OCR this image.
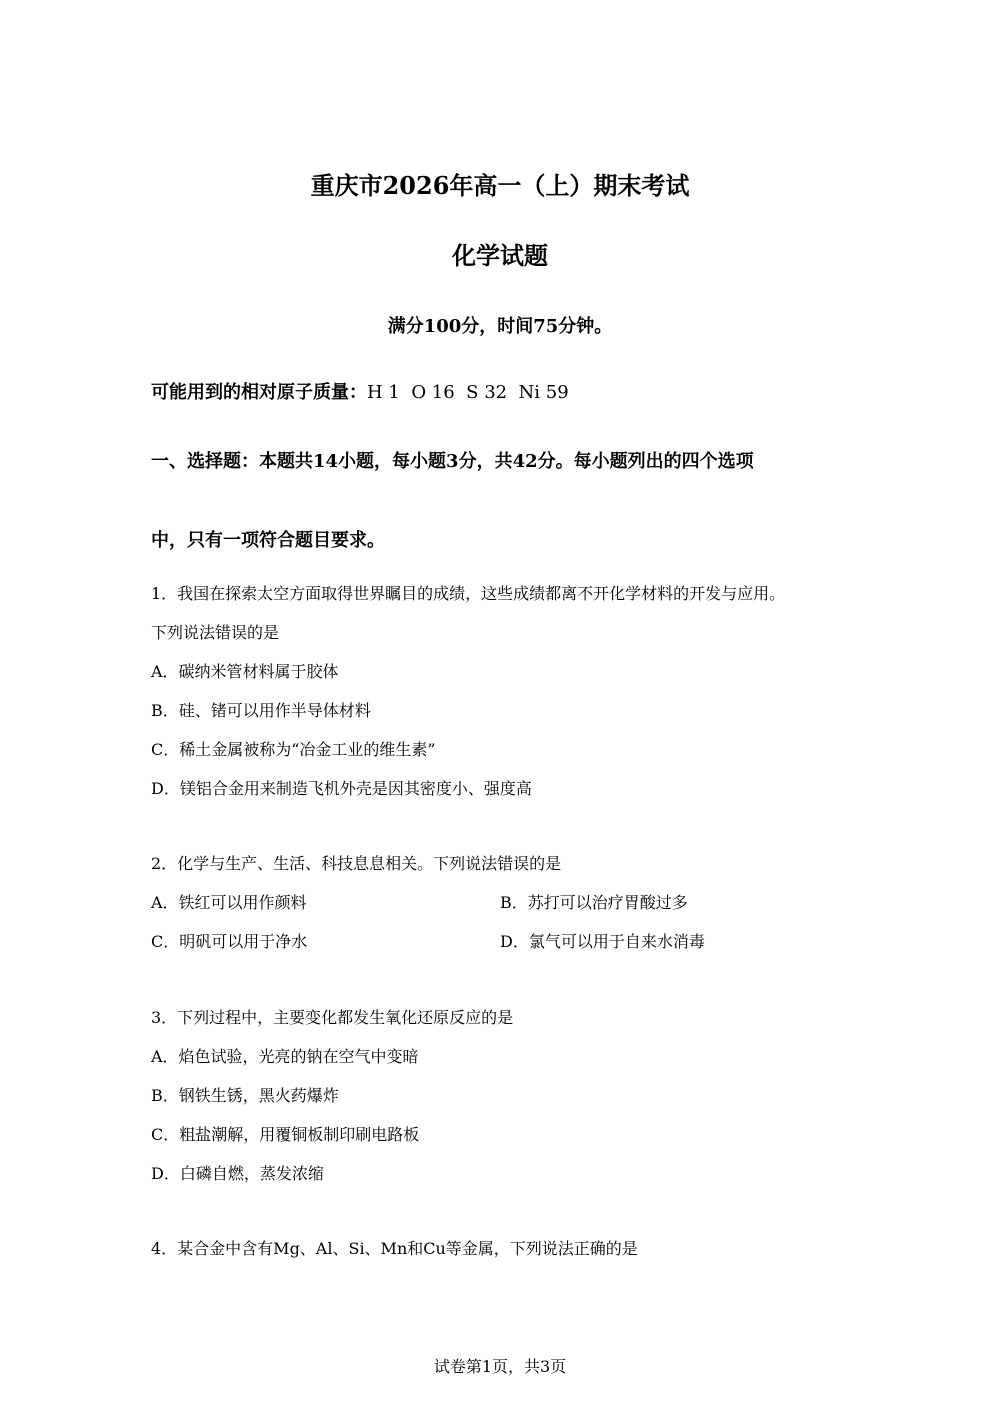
重庆市2026年高一（上）期末考试
化学试题
满分100分，时间75分钟。
可能用到的相对原子质量：H 1  O 16  S 32  Ni 59
一、选择题：本题共14小题，每小题3分，共42分。每小题列出的四个选项
中，只有一项符合题目要求。
1．我国在探索太空方面取得世界瞩目的成绩，这些成绩都离不开化学材料的开发与应用。
下列说法错误的是
A．碳纳米管材料属于胶体
B．硅、锗可以用作半导体材料
C．稀土金属被称为“冶金工业的维生素”
D．镁铝合金用来制造飞机外壳是因其密度小、强度高
2．化学与生产、生活、科技息息相关。下列说法错误的是
A．铁红可以用作颜料	B．苏打可以治疗胃酸过多
C．明矾可以用于净水	D．氯气可以用于自来水消毒
3．下列过程中，主要变化都发生氧化还原反应的是
A．焰色试验，光亮的钠在空气中变暗
B．钢铁生锈，黑火药爆炸
C．粗盐潮解，用覆铜板制印刷电路板
D．白磷自燃，蒸发浓缩
4．某合金中含有Mg、Al、Si、Mn和Cu等金属，下列说法正确的是
试卷第1页，共3页
